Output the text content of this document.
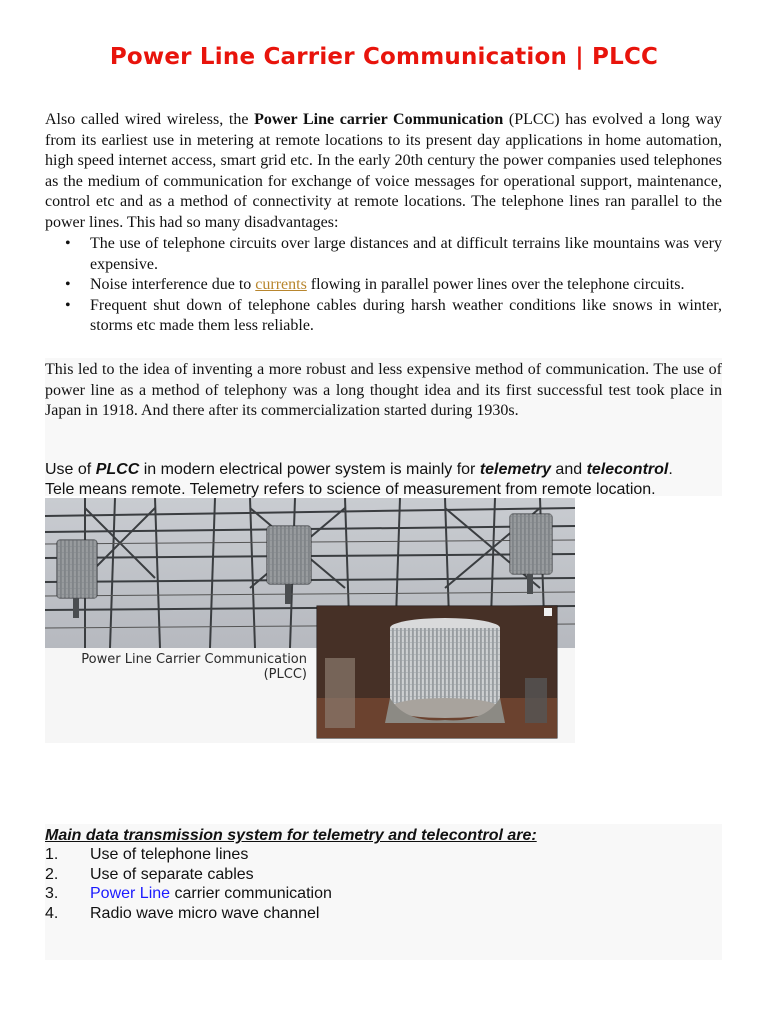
Power Line Carrier Communication | PLCC
Also called wired wireless, the Power Line carrier Communication (PLCC) has evolved a long way from its earliest use in metering at remote locations to its present day applications in home automation, high speed internet access, smart grid etc. In the early 20th century the power companies used telephones as the medium of communication for exchange of voice messages for operational support, maintenance, control etc and as a method of connectivity at remote locations. The telephone lines ran parallel to the power lines. This had so many disadvantages:
• The use of telephone circuits over large distances and at difficult terrains like mountains was very expensive.
• Noise interference due to currents flowing in parallel power lines over the telephone circuits.
• Frequent shut down of telephone cables during harsh weather conditions like snows in winter, storms etc made them less reliable.
This led to the idea of inventing a more robust and less expensive method of communication. The use of power line as a method of telephony was a long thought idea and its first successful test took place in Japan in 1918. And there after its commercialization started during 1930s.
Use of PLCC in modern electrical power system is mainly for telemetry and telecontrol.
Tele means remote. Telemetry refers to science of measurement from remote location.
Power Line Carrier Communication
(PLCC)
Main data transmission system for telemetry and telecontrol are:
1. Use of telephone lines
2. Use of separate cables
3. Power Line carrier communication
4. Radio wave micro wave channel
